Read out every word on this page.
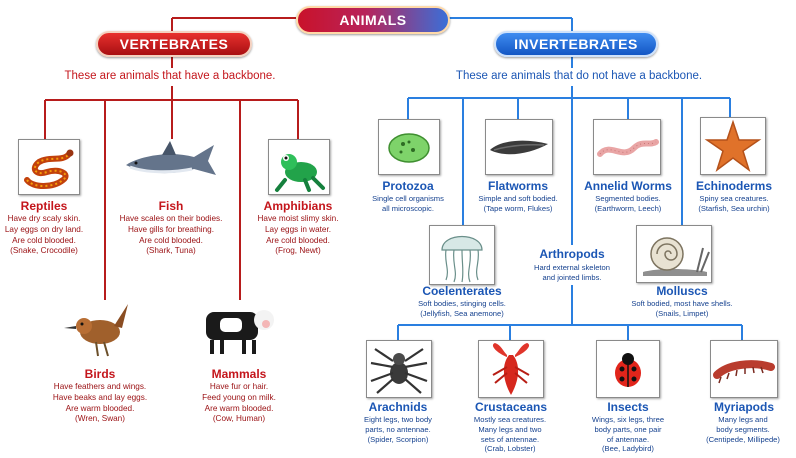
ANIMALS
VERTEBRATES	INVERTEBRATES
These are animals that have a backbone.	These are animals that do not have a backbone.
Reptiles
Have dry scaly skin.
Lay eggs on dry land.
Are cold blooded.
(Snake, Crocodile)
Fish
Have scales on their bodies.
Have gills for breathing.
Are cold blooded.
(Shark, Tuna)
Amphibians
Have moist slimy skin.
Lay eggs in water.
Are cold blooded.
(Frog, Newt)
Birds
Have feathers and wings.
Have beaks and lay eggs.
Are warm blooded.
(Wren, Swan)
Mammals
Have fur or hair.
Feed young on milk.
Are warm blooded.
(Cow, Human)
Protozoa
Single cell organisms
all microscopic.
Flatworms
Simple and soft bodied.
(Tape worm, Flukes)
Annelid Worms
Segmented bodies.
(Earthworm, Leech)
Echinoderms
Spiny sea creatures.
(Starfish, Sea urchin)
Coelenterates
Soft bodies, stinging cells.
(Jellyfish, Sea anemone)
Arthropods
Hard external skeleton
and jointed limbs.
Molluscs
Soft bodied, most have shells.
(Snails, Limpet)
Arachnids
Eight legs, two body
parts, no antennae.
(Spider, Scorpion)
Crustaceans
Mostly sea creatures.
Many legs and two
sets of antennae.
(Crab, Lobster)
Insects
Wings, six legs, three
body parts, one pair
of antennae.
(Bee, Ladybird)
Myriapods
Many legs and
body segments.
(Centipede, Millipede)
